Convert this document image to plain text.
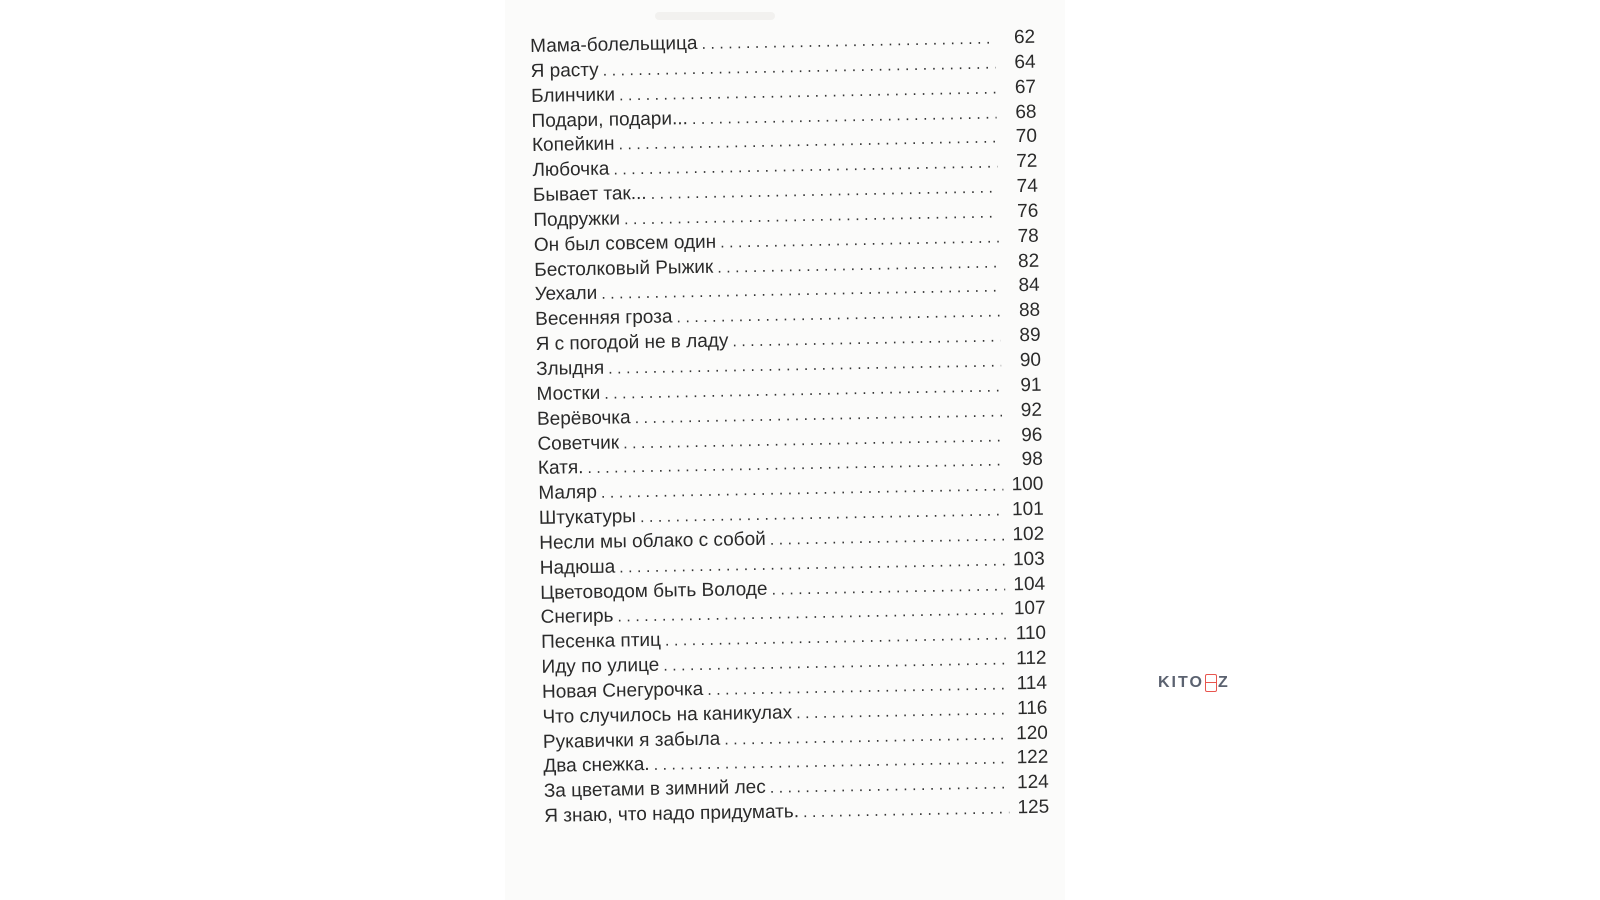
Мама-болельщица . . .	62
Я расту . . .	64
Блинчики . . .	67
Подари, подари... . . .	68
Копейкин . . .	70
Любочка . . .	72
Бывает так... . . .	74
Подружки . . .	76
Он был совсем один . . .	78
Бестолковый Рыжик . . .	82
Уехали . . .	84
Весенняя гроза . . .	88
Я с погодой не в ладу . . .	89
Злыдня . . .	90
Мостки . . .	91
Верёвочка . . .	92
Советчик . . .	96
Катя. . . .	98
Маляр . . .	100
Штукатуры . . .	101
Несли мы облако с собой . . .	102
Надюша . . .	103
Цветоводом быть Володе . . .	104
Снегирь . . .	107
Песенка птиц . . .	110
Иду по улице . . .	112
Новая Снегурочка . . .	114
Что случилось на каникулах . . .	116
Рукавички я забыла . . .	120
Два снежка. . . .	122
За цветами в зимний лес . . .	124
Я знаю, что надо придумать. . . .	125
KITO Z
